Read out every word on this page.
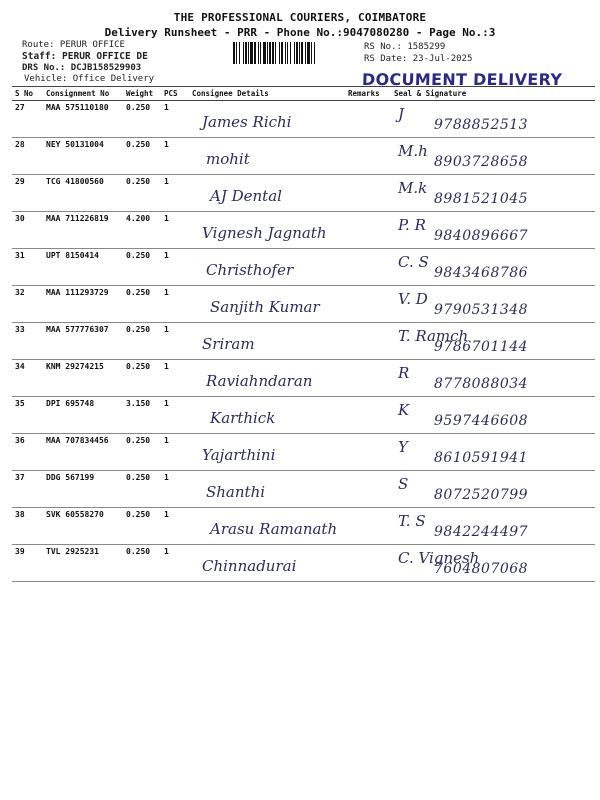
THE PROFESSIONAL COURIERS, COIMBATORE
Delivery Runsheet - PRR - Phone No.:9047080280 - Page No.:3
Route: PERUR OFFICE
Staff: PERUR OFFICE DE
DRS No.: DCJB158529903
Vehicle: Office Delivery
RS No.: 1585299
RS Date: 23-Jul-2025
DOCUMENT DELIVERY
S No	Consignment No	Weight	PCS	Consignee Details	Remarks	Seal & Signature
27	MAA 575110180	0.250	1	James Richi		J
9788852513

28	NEY 50131004	0.250	1	mohit		M.h
8903728658

29	TCG 41800560	0.250	1	AJ Dental		M.k
8981521045

30	MAA 711226819	4.200	1	Vignesh Jagnath		P. R
9840896667

31	UPT 8150414	0.250	1	Christhofer		C. S
9843468786

32	MAA 111293729	0.250	1	Sanjith Kumar		V. D
9790531348

33	MAA 577776307	0.250	1	Sriram		T. Ramch
9786701144

34	KNM 29274215	0.250	1	Raviahndaran		R
8778088034

35	DPI 695748	3.150	1	Karthick		K
9597446608

36	MAA 707834456	0.250	1	Yajarthini		Y
8610591941

37	DDG 567199	0.250	1	Shanthi		S
8072520799

38	SVK 60558270	0.250	1	Arasu Ramanath		T. S
9842244497

39	TVL 2925231	0.250	1	Chinnadurai		C. Vignesh
7604807068
